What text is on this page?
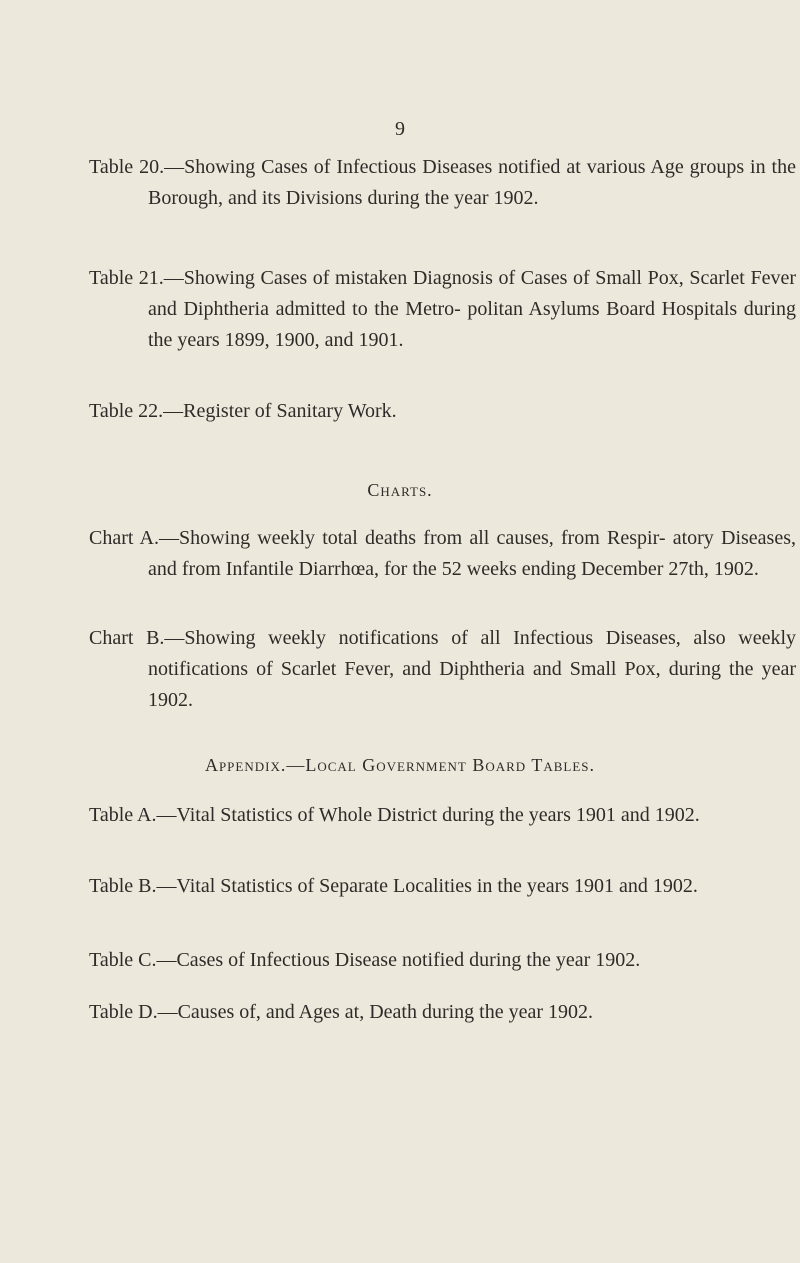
9

Table 20.—Showing Cases of Infectious Diseases notified at various Age groups in the Borough, and its Divisions during the year 1902.

Table 21.—Showing Cases of mistaken Diagnosis of Cases of Small Pox, Scarlet Fever and Diphtheria admitted to the Metro- politan Asylums Board Hospitals during the years 1899, 1900, and 1901.

Table 22.—Register of Sanitary Work.

Charts.

Chart A.—Showing weekly total deaths from all causes, from Respir- atory Diseases, and from Infantile Diarrhœa, for the 52 weeks ending December 27th, 1902.

Chart B.—Showing weekly notifications of all Infectious Diseases, also weekly notifications of Scarlet Fever, and Diphtheria and Small Pox, during the year 1902.

Appendix.—Local Government Board Tables.

Table A.—Vital Statistics of Whole District during the years 1901 and 1902.

Table B.—Vital Statistics of Separate Localities in the years 1901 and 1902.

Table C.—Cases of Infectious Disease notified during the year 1902.

Table D.—Causes of, and Ages at, Death during the year 1902.
